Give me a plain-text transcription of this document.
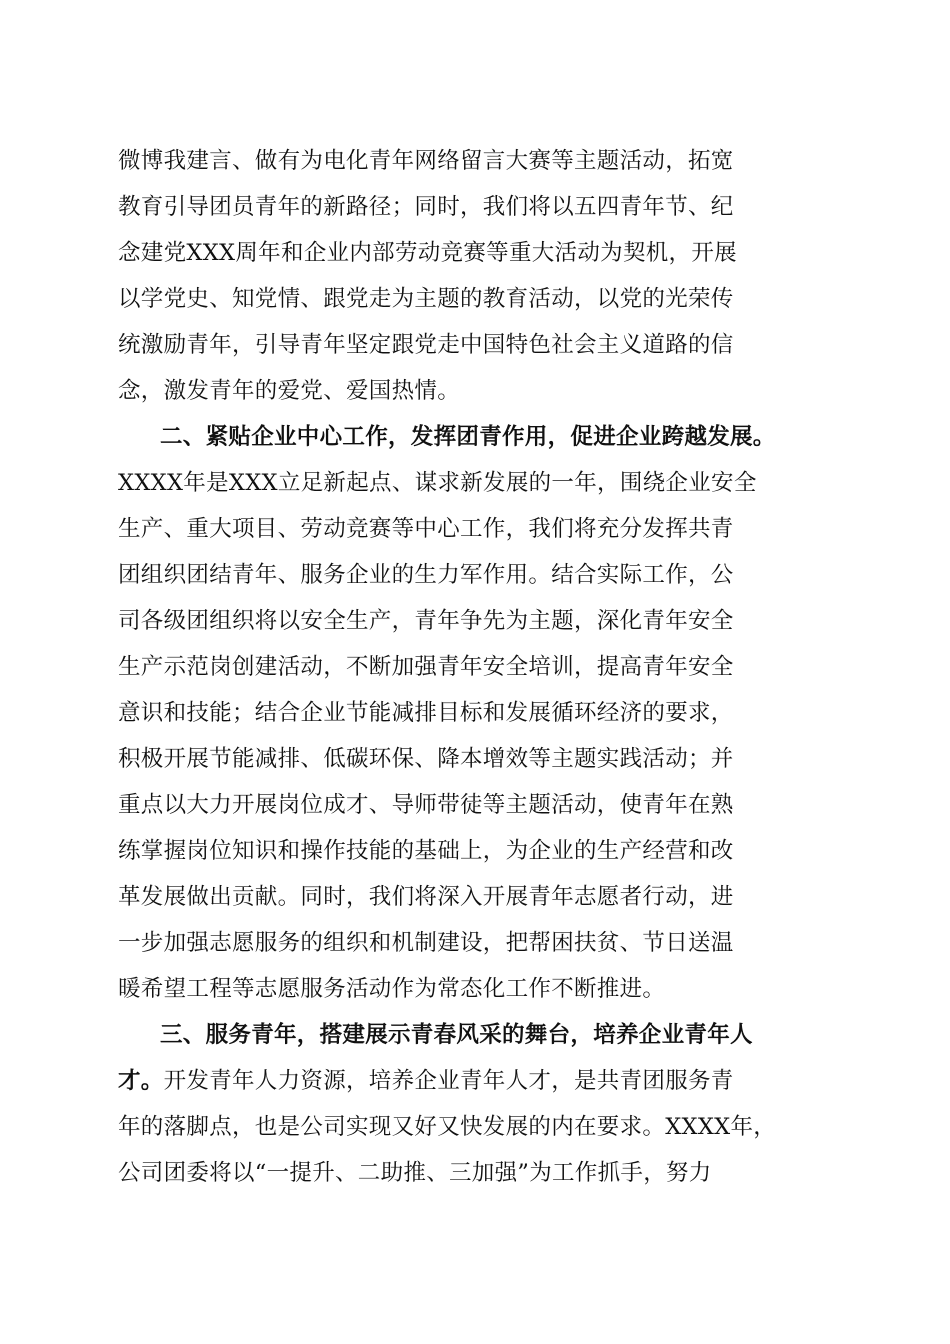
微博我建言、做有为电化青年网络留言大赛等主题活动，拓宽
教育引导团员青年的新路径；同时，我们将以五四青年节、纪
念建党XXX周年和企业内部劳动竞赛等重大活动为契机，开展
以学党史、知党情、跟党走为主题的教育活动，以党的光荣传
统激励青年，引导青年坚定跟党走中国特色社会主义道路的信
念，激发青年的爱党、爱国热情。
二、紧贴企业中心工作，发挥团青作用，促进企业跨越发展。
XXXX年是XXX立足新起点、谋求新发展的一年，围绕企业安全
生产、重大项目、劳动竞赛等中心工作，我们将充分发挥共青
团组织团结青年、服务企业的生力军作用。结合实际工作，公
司各级团组织将以安全生产，青年争先为主题，深化青年安全
生产示范岗创建活动，不断加强青年安全培训，提高青年安全
意识和技能；结合企业节能减排目标和发展循环经济的要求，
积极开展节能减排、低碳环保、降本增效等主题实践活动；并
重点以大力开展岗位成才、导师带徒等主题活动，使青年在熟
练掌握岗位知识和操作技能的基础上，为企业的生产经营和改
革发展做出贡献。同时，我们将深入开展青年志愿者行动，进
一步加强志愿服务的组织和机制建设，把帮困扶贫、节日送温
暖希望工程等志愿服务活动作为常态化工作不断推进。
三、服务青年，搭建展示青春风采的舞台，培养企业青年人
才。开发青年人力资源，培养企业青年人才，是共青团服务青
年的落脚点，也是公司实现又好又快发展的内在要求。XXXX年，
公司团委将以“一提升、二助推、三加强”为工作抓手，努力
